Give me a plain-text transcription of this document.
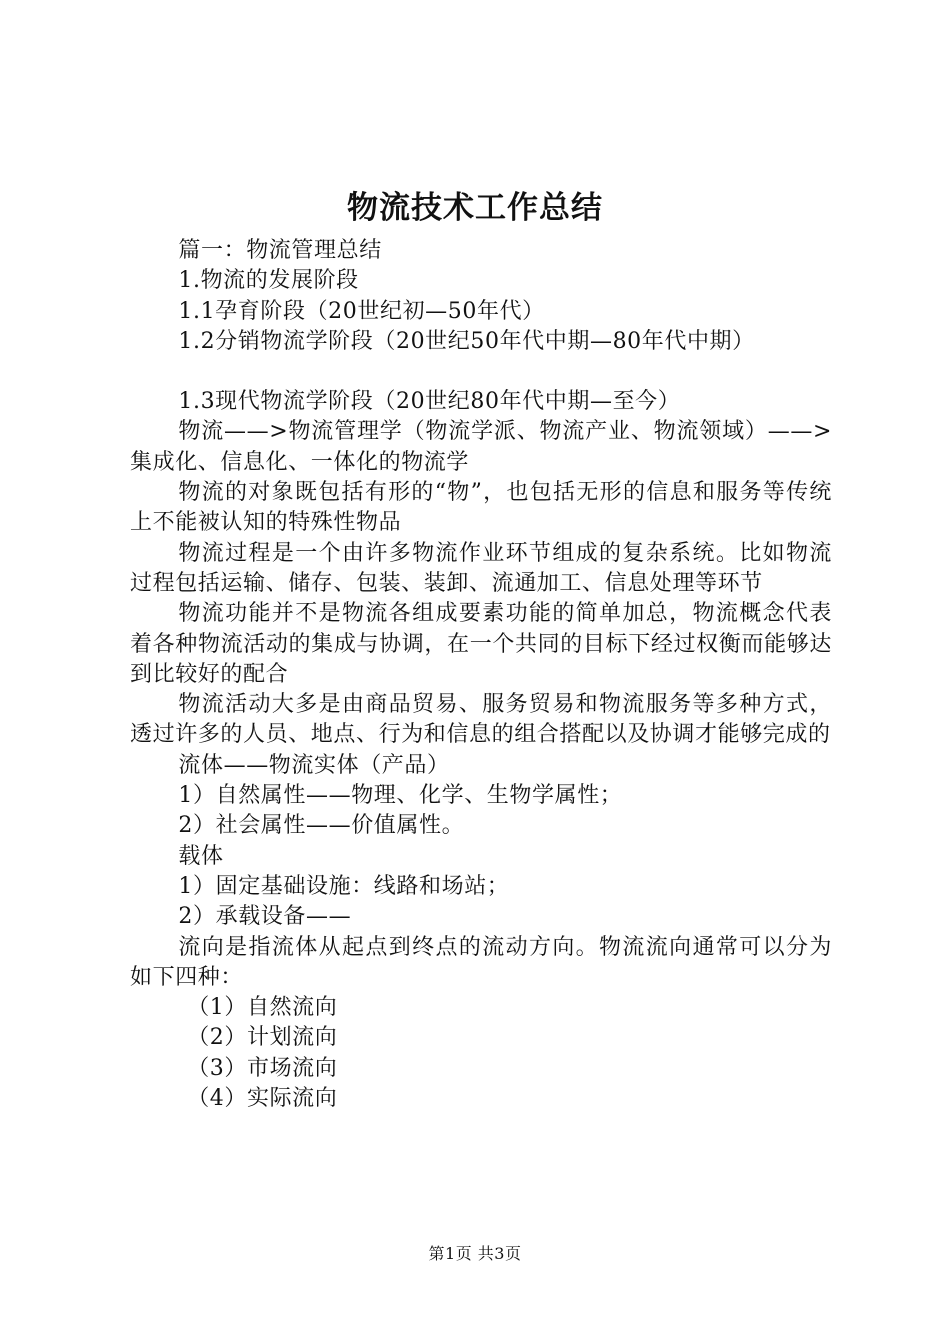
物流技术工作总结

篇一：物流管理总结

1.物流的发展阶段

1.1孕育阶段（20世纪初—50年代）

1.2分销物流学阶段（20世纪50年代中期—80年代中期）

1.3现代物流学阶段（20世纪80年代中期—至今）

物流——>物流管理学（物流学派、物流产业、物流领域）——>集成化、信息化、一体化的物流学

物流的对象既包括有形的“物”，也包括无形的信息和服务等传统上不能被认知的特殊性物品

物流过程是一个由许多物流作业环节组成的复杂系统。比如物流过程包括运输、储存、包装、装卸、流通加工、信息处理等环节

物流功能并不是物流各组成要素功能的简单加总，物流概念代表着各种物流活动的集成与协调，在一个共同的目标下经过权衡而能够达到比较好的配合

物流活动大多是由商品贸易、服务贸易和物流服务等多种方式，透过许多的人员、地点、行为和信息的组合搭配以及协调才能够完成的

流体——物流实体（产品）

1）自然属性——物理、化学、生物学属性；

2）社会属性——价值属性。

载体

1）固定基础设施：线路和场站；

2）承载设备——

流向是指流体从起点到终点的流动方向。物流流向通常可以分为如下四种：

（1）自然流向

（2）计划流向

（3）市场流向

（4）实际流向

第1页 共3页
